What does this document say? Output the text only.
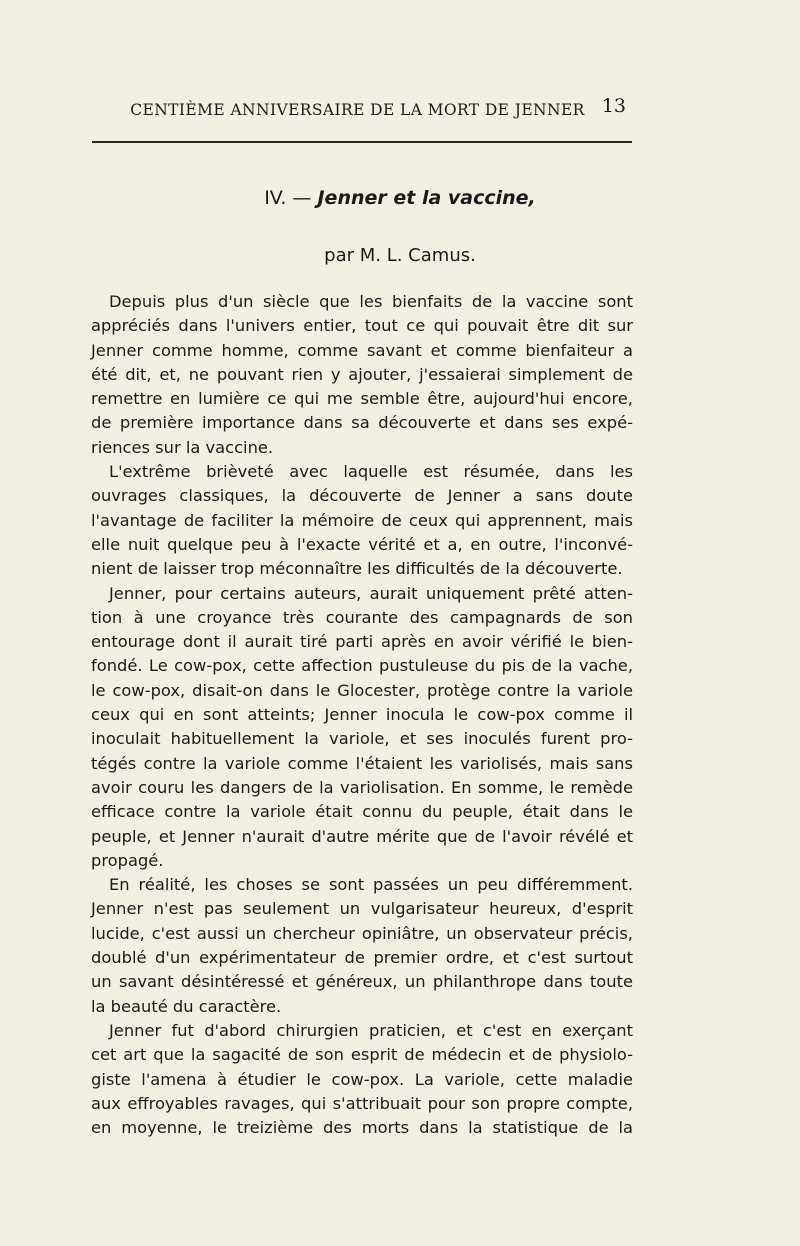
CENTIÈME ANNIVERSAIRE DE LA MORT DE JENNER 13
IV. — Jenner et la vaccine,
par M. L. Camus.
Depuis plus d'un siècle que les bienfaits de la vaccine sont
appréciés dans l'univers entier, tout ce qui pouvait être dit sur
Jenner comme homme, comme savant et comme bienfaiteur a
été dit, et, ne pouvant rien y ajouter, j'essaierai simplement de
remettre en lumière ce qui me semble être, aujourd'hui encore,
de première importance dans sa découverte et dans ses expé-
riences sur la vaccine.
L'extrême brièveté avec laquelle est résumée, dans les
ouvrages classiques, la découverte de Jenner a sans doute
l'avantage de faciliter la mémoire de ceux qui apprennent, mais
elle nuit quelque peu à l'exacte vérité et a, en outre, l'inconvé-
nient de laisser trop méconnaître les difficultés de la découverte.
Jenner, pour certains auteurs, aurait uniquement prêté atten-
tion à une croyance très courante des campagnards de son
entourage dont il aurait tiré parti après en avoir vérifié le bien-
fondé. Le cow-pox, cette affection pustuleuse du pis de la vache,
le cow-pox, disait-on dans le Glocester, protège contre la variole
ceux qui en sont atteints; Jenner inocula le cow-pox comme il
inoculait habituellement la variole, et ses inoculés furent pro-
tégés contre la variole comme l'étaient les variolisés, mais sans
avoir couru les dangers de la variolisation. En somme, le remède
efficace contre la variole était connu du peuple, était dans le
peuple, et Jenner n'aurait d'autre mérite que de l'avoir révélé et
propagé.
En réalité, les choses se sont passées un peu différemment.
Jenner n'est pas seulement un vulgarisateur heureux, d'esprit
lucide, c'est aussi un chercheur opiniâtre, un observateur précis,
doublé d'un expérimentateur de premier ordre, et c'est surtout
un savant désintéressé et généreux, un philanthrope dans toute
la beauté du caractère.
Jenner fut d'abord chirurgien praticien, et c'est en exerçant
cet art que la sagacité de son esprit de médecin et de physiolo-
giste l'amena à étudier le cow-pox. La variole, cette maladie
aux effroyables ravages, qui s'attribuait pour son propre compte,
en moyenne, le treizième des morts dans la statistique de la
